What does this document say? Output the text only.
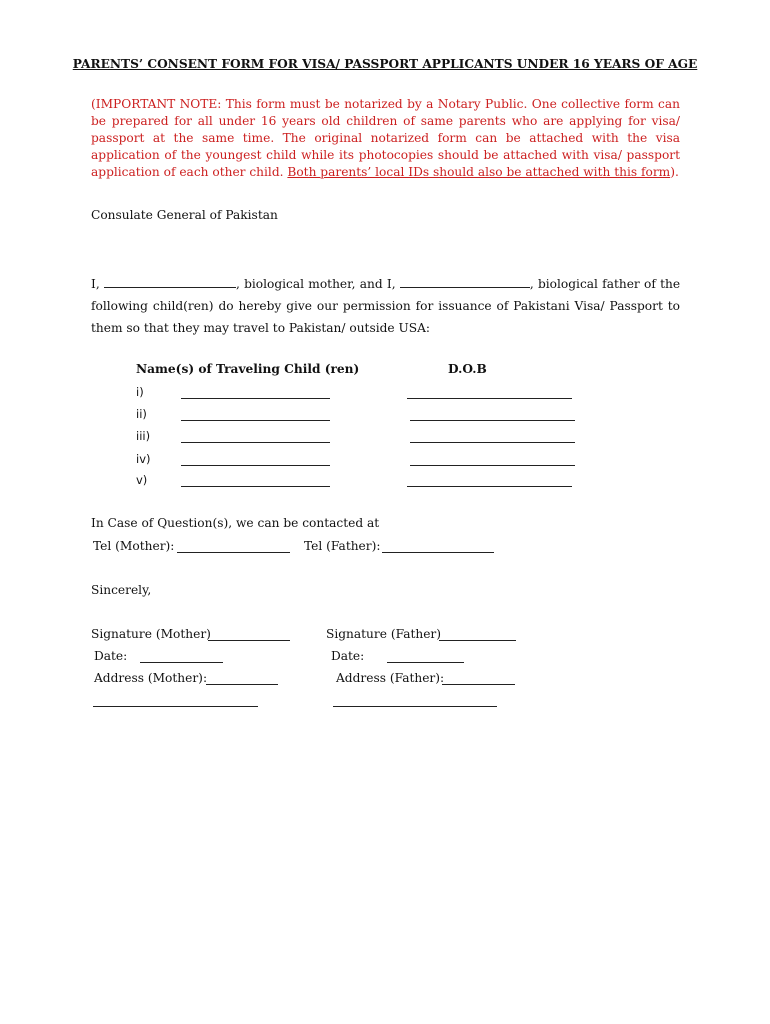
PARENTS’ CONSENT FORM FOR VISA/ PASSPORT APPLICANTS UNDER 16 YEARS OF AGE
(IMPORTANT NOTE: This form must be notarized by a Notary Public. One collective form can be prepared for all under 16 years old children of same parents who are applying for visa/ passport at the same time. The original notarized form can be attached with the visa application of the youngest child while its photocopies should be attached with visa/ passport application of each other child. Both parents’ local IDs should also be attached with this form).
Consulate General of Pakistan
I,	, biological mother, and I,	, biological father of the following child(ren) do hereby give our permission for issuance of Pakistani Visa/ Passport to them so that they may travel to Pakistan/ outside USA:
Name(s) of Traveling Child (ren)	D.O.B
i)
ii)
iii)
iv)
v)
In Case of Question(s), we can be contacted at
Tel (Mother):	Tel (Father):
Sincerely,
Signature (Mother)	Signature (Father)
Date:	Date:
Address (Mother):	Address (Father):
